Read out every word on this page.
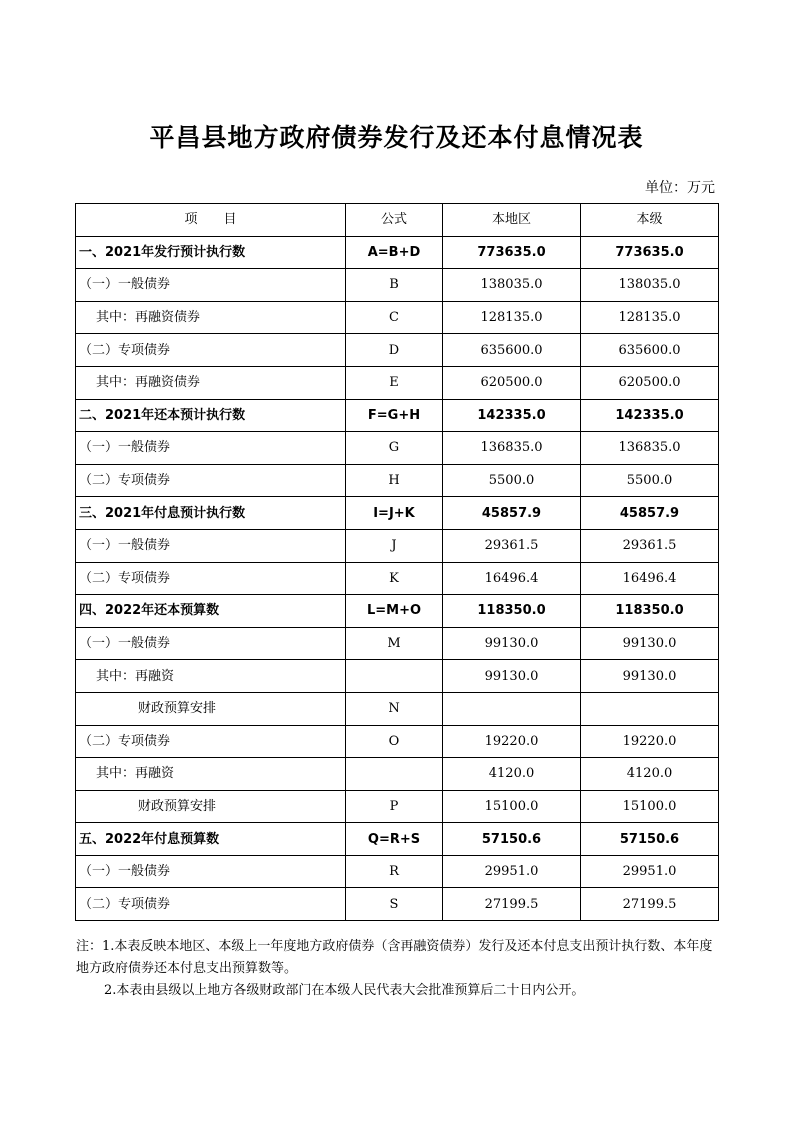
平昌县地方政府债券发行及还本付息情况表
单位：万元
项　　目	公式	本地区	本级
一、2021年发行预计执行数	A=B+D	773635.0	773635.0
（一）一般债券	B	138035.0	138035.0
其中：再融资债券	C	128135.0	128135.0
（二）专项债券	D	635600.0	635600.0
其中：再融资债券	E	620500.0	620500.0
二、2021年还本预计执行数	F=G+H	142335.0	142335.0
（一）一般债券	G	136835.0	136835.0
（二）专项债券	H	5500.0	5500.0
三、2021年付息预计执行数	I=J+K	45857.9	45857.9
（一）一般债券	J	29361.5	29361.5
（二）专项债券	K	16496.4	16496.4
四、2022年还本预算数	L=M+O	118350.0	118350.0
（一）一般债券	M	99130.0	99130.0
其中：再融资		99130.0	99130.0
财政预算安排	N		
（二）专项债券	O	19220.0	19220.0
其中：再融资		4120.0	4120.0
财政预算安排	P	15100.0	15100.0
五、2022年付息预算数	Q=R+S	57150.6	57150.6
（一）一般债券	R	29951.0	29951.0
（二）专项债券	S	27199.5	27199.5

注：1.本表反映本地区、本级上一年度地方政府债券（含再融资债券）发行及还本付息支出预计执行数、本年度地方政府债券还本付息支出预算数等。

2.本表由县级以上地方各级财政部门在本级人民代表大会批准预算后二十日内公开。
